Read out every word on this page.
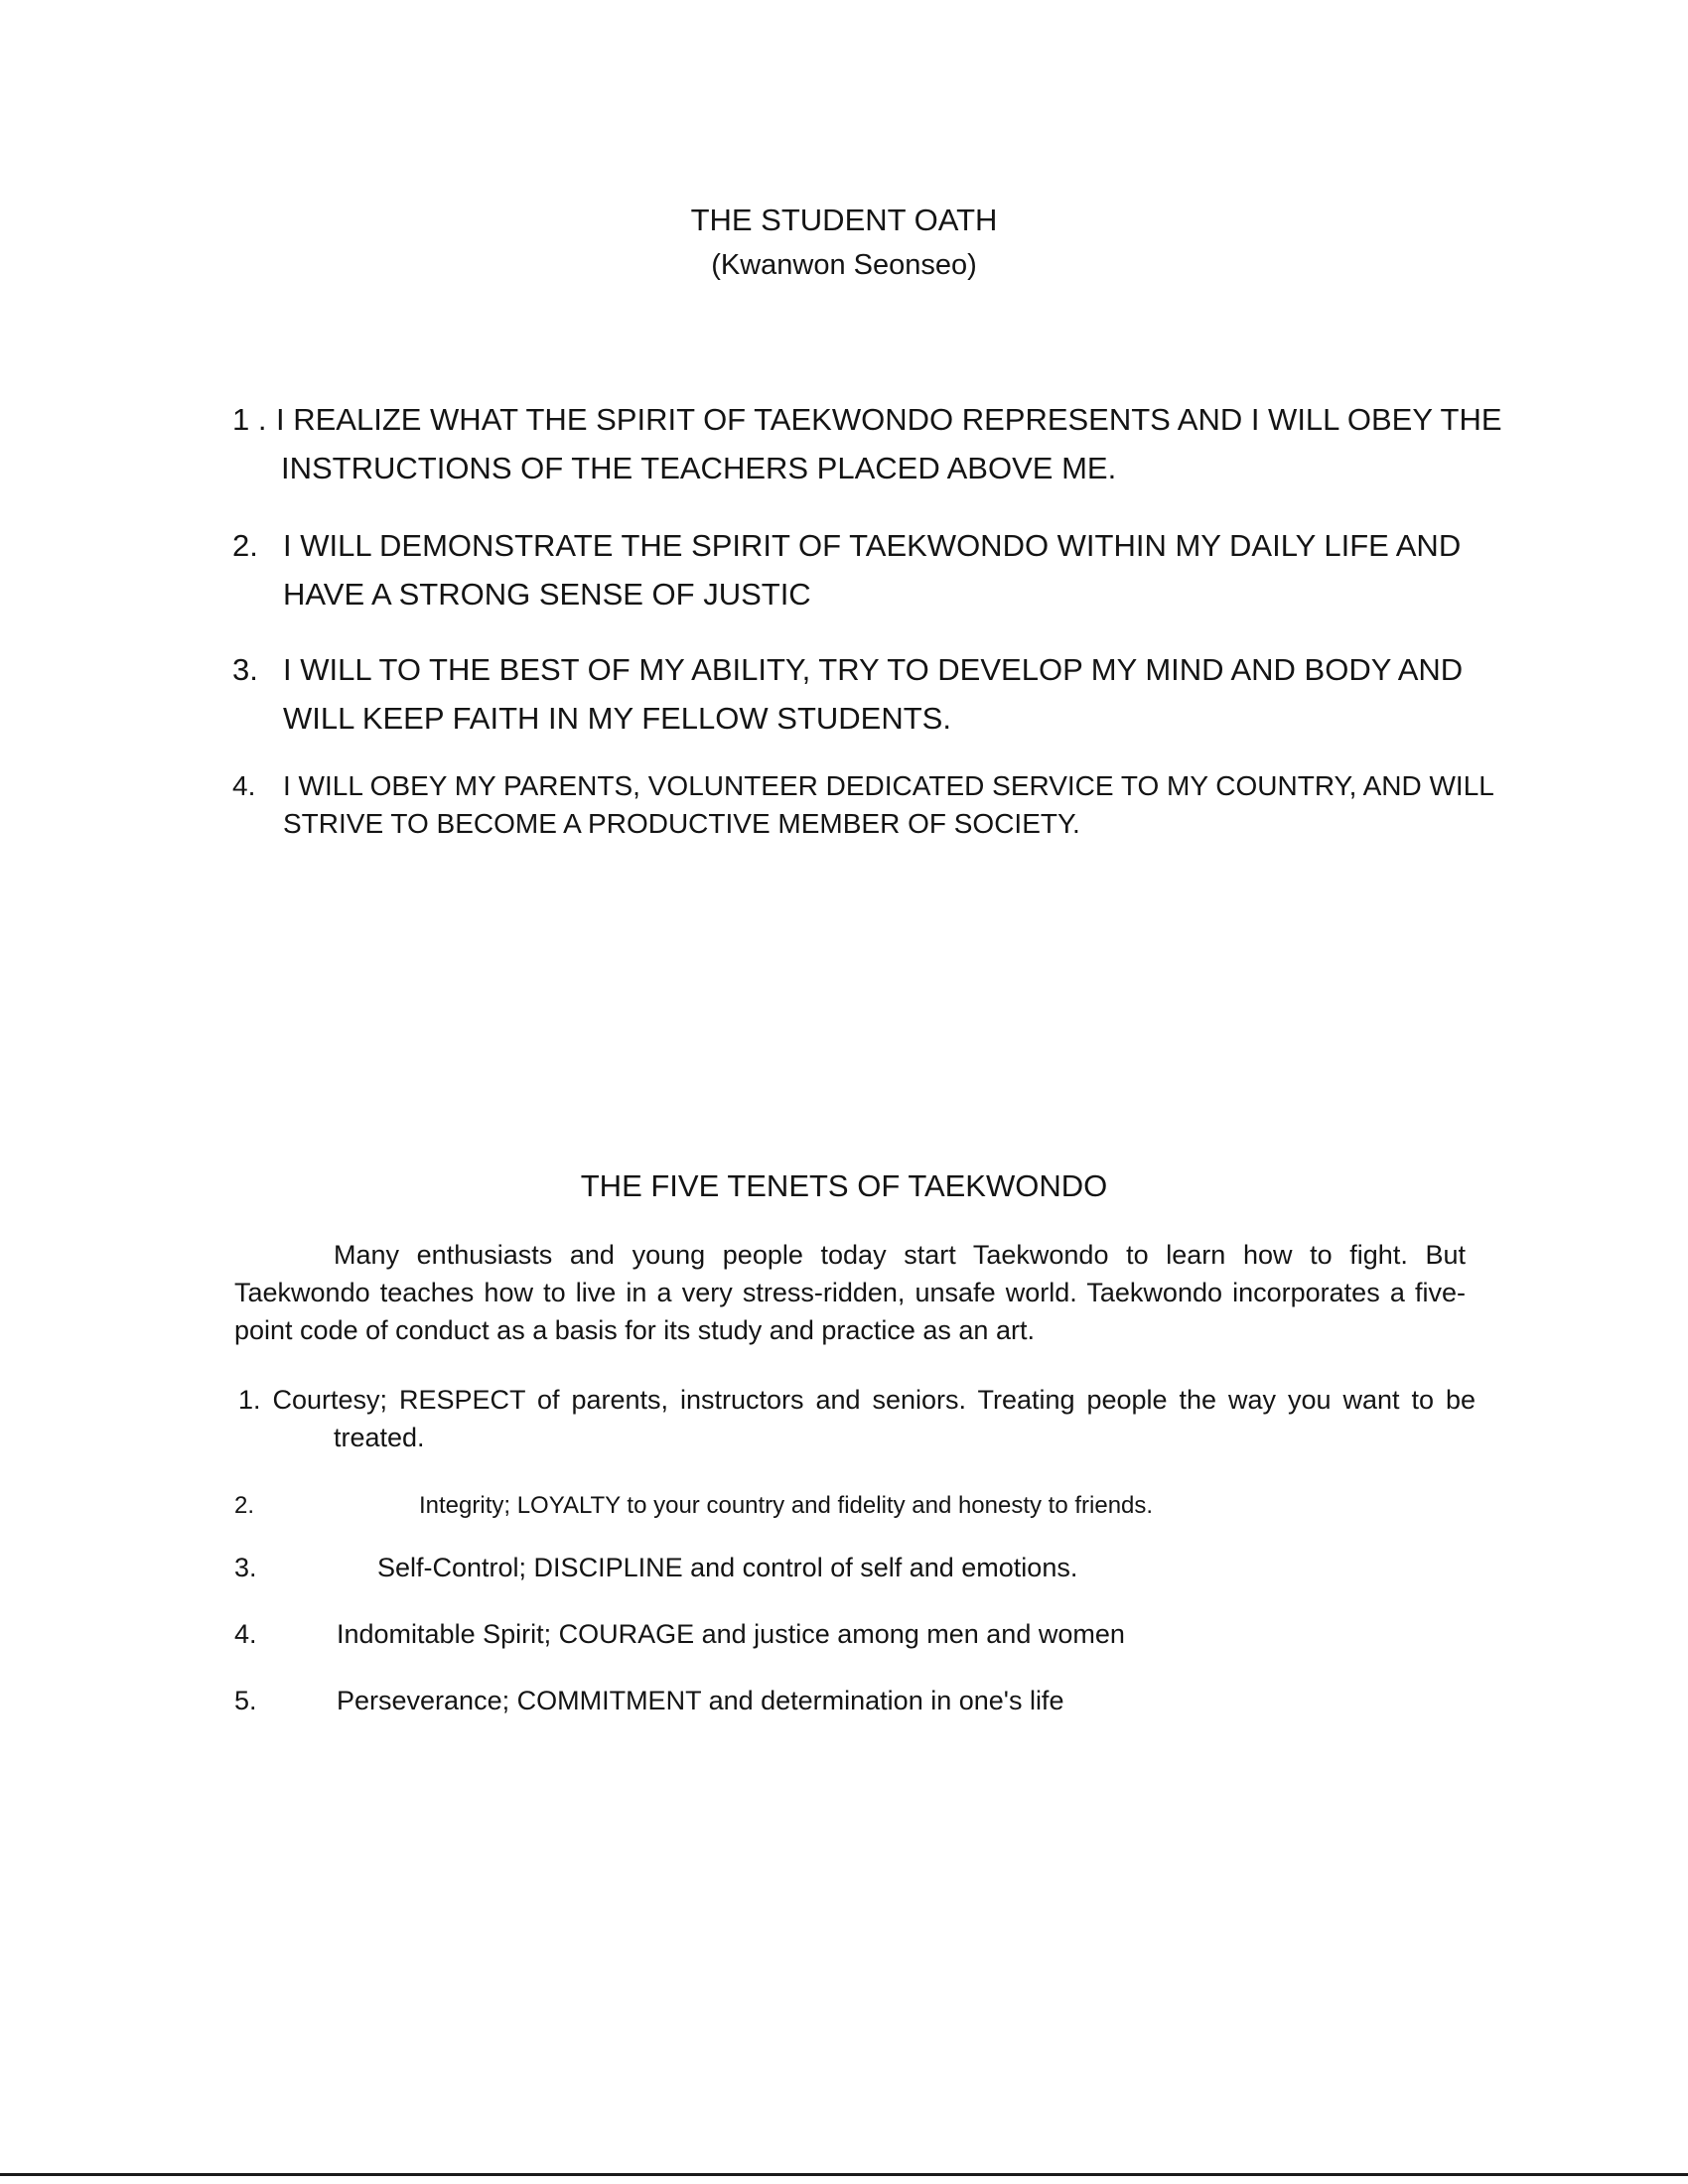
THE STUDENT OATH
(Kwanwon Seonseo)
1 . I REALIZE WHAT THE SPIRIT OF TAEKWONDO REPRESENTS AND I WILL OBEY THE
INSTRUCTIONS OF THE TEACHERS PLACED ABOVE ME.
2. I WILL DEMONSTRATE THE SPIRIT OF TAEKWONDO WITHIN MY DAILY LIFE AND
HAVE A STRONG SENSE OF JUSTIC
3. I WILL TO THE BEST OF MY ABILITY, TRY TO DEVELOP MY MIND AND BODY AND
WILL KEEP FAITH IN MY FELLOW STUDENTS.
4. I WILL OBEY MY PARENTS, VOLUNTEER DEDICATED SERVICE TO MY COUNTRY, AND WILL
STRIVE TO BECOME A PRODUCTIVE MEMBER OF SOCIETY.
THE FIVE TENETS OF TAEKWONDO
Many enthusiasts and young people today start Taekwondo to learn how to fight. But
Taekwondo teaches how to live in a very stress-ridden, unsafe world. Taekwondo incorporates a five-
point code of conduct as a basis for its study and practice as an art.
1. Courtesy; RESPECT of parents, instructors and seniors. Treating people the way you want to be
treated.
2.	Integrity; LOYALTY to your country and fidelity and honesty to friends.
3.	Self-Control; DISCIPLINE and control of self and emotions.
4.	Indomitable Spirit; COURAGE and justice among men and women
5.	Perseverance; COMMITMENT and determination in one's life
